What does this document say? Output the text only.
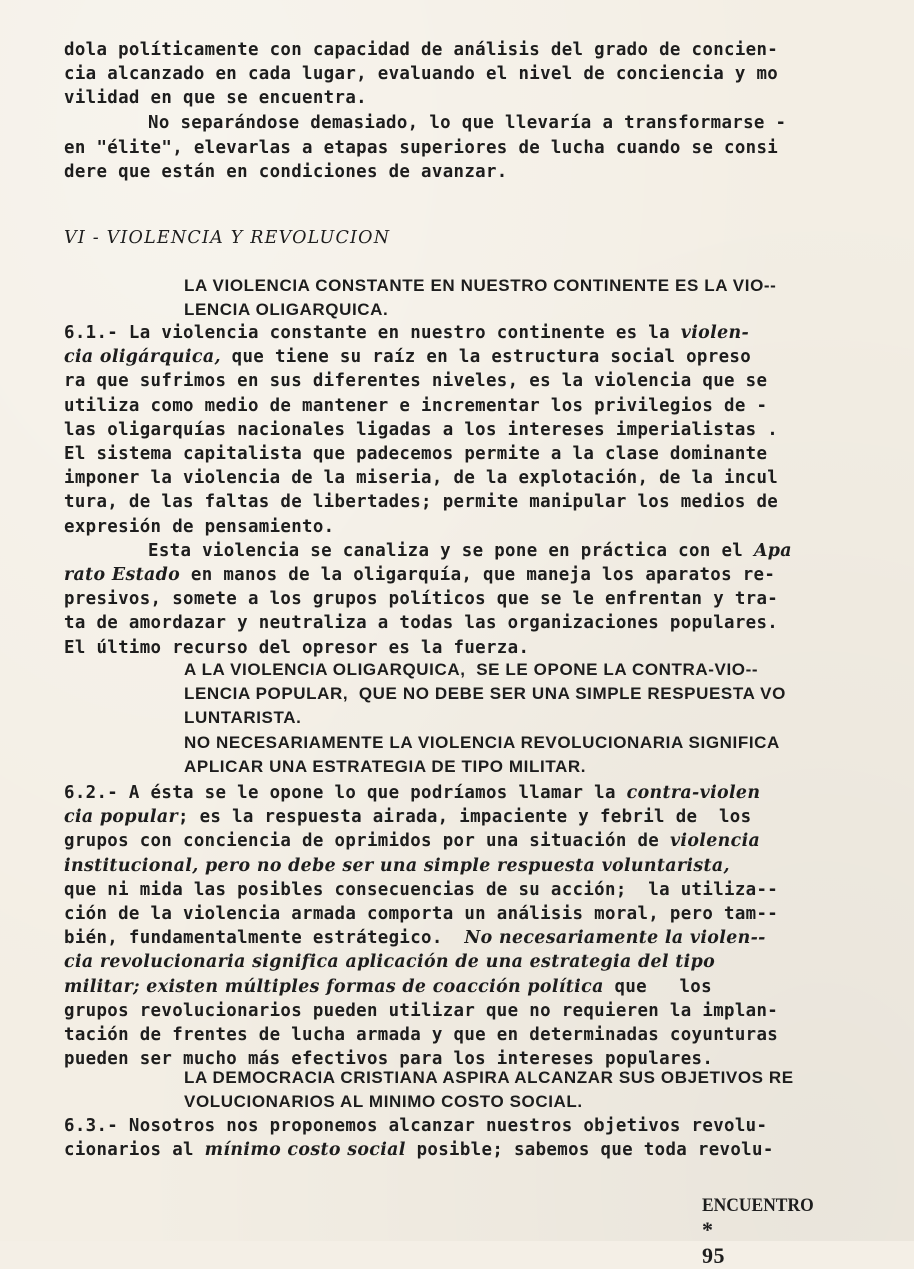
dola políticamente con capacidad de análisis del grado de concien-
cia alcanzado en cada lugar, evaluando el nivel de conciencia y mo
vilidad en que se encuentra.
No separándose demasiado, lo que llevaría a transformarse -
en "élite", elevarlas a etapas superiores de lucha cuando se consi
dere que están en condiciones de avanzar.
VI - VIOLENCIA Y REVOLUCION
LA VIOLENCIA CONSTANTE EN NUESTRO CONTINENTE ES LA VIO--
LENCIA OLIGARQUICA.
6.1.- La violencia constante en nuestro continente es la violen-
cia oligárquica, que tiene su raíz en la estructura social opreso
ra que sufrimos en sus diferentes niveles, es la violencia que se
utiliza como medio de mantener e incrementar los privilegios de -
las oligarquías nacionales ligadas a los intereses imperialistas .
El sistema capitalista que padecemos permite a la clase dominante
imponer la violencia de la miseria, de la explotación, de la incul
tura, de las faltas de libertades; permite manipular los medios de
expresión de pensamiento.
Esta violencia se canaliza y se pone en práctica con el Apa
rato Estado en manos de la oligarquía, que maneja los aparatos re-
presivos, somete a los grupos políticos que se le enfrentan y tra-
ta de amordazar y neutraliza a todas las organizaciones populares.
El último recurso del opresor es la fuerza.
A LA VIOLENCIA OLIGARQUICA,  SE LE OPONE LA CONTRA-VIO--
LENCIA POPULAR,  QUE NO DEBE SER UNA SIMPLE RESPUESTA VO
LUNTARISTA.
NO NECESARIAMENTE LA VIOLENCIA REVOLUCIONARIA SIGNIFICA
APLICAR UNA ESTRATEGIA DE TIPO MILITAR.
6.2.- A ésta se le opone lo que podríamos llamar la contra-violen
cia popular; es la respuesta airada, impaciente y febril de  los
grupos con conciencia de oprimidos por una situación de violencia
institucional, pero no debe ser una simple respuesta voluntarista,
que ni mida las posibles consecuencias de su acción;  la utiliza--
ción de la violencia armada comporta un análisis moral, pero tam--
bién, fundamentalmente estrátegico.  No necesariamente la violen--
cia revolucionaria significa aplicación de una estrategia del tipo
militar; existen múltiples formas de coacción política que   los
grupos revolucionarios pueden utilizar que no requieren la implan-
tación de frentes de lucha armada y que en determinadas coyunturas
pueden ser mucho más efectivos para los intereses populares.
LA DEMOCRACIA CRISTIANA ASPIRA ALCANZAR SUS OBJETIVOS RE
VOLUCIONARIOS AL MINIMO COSTO SOCIAL.
6.3.- Nosotros nos proponemos alcanzar nuestros objetivos revolu-
cionarios al mínimo costo social posible; sabemos que toda revolu-

ENCUENTRO
*
95
